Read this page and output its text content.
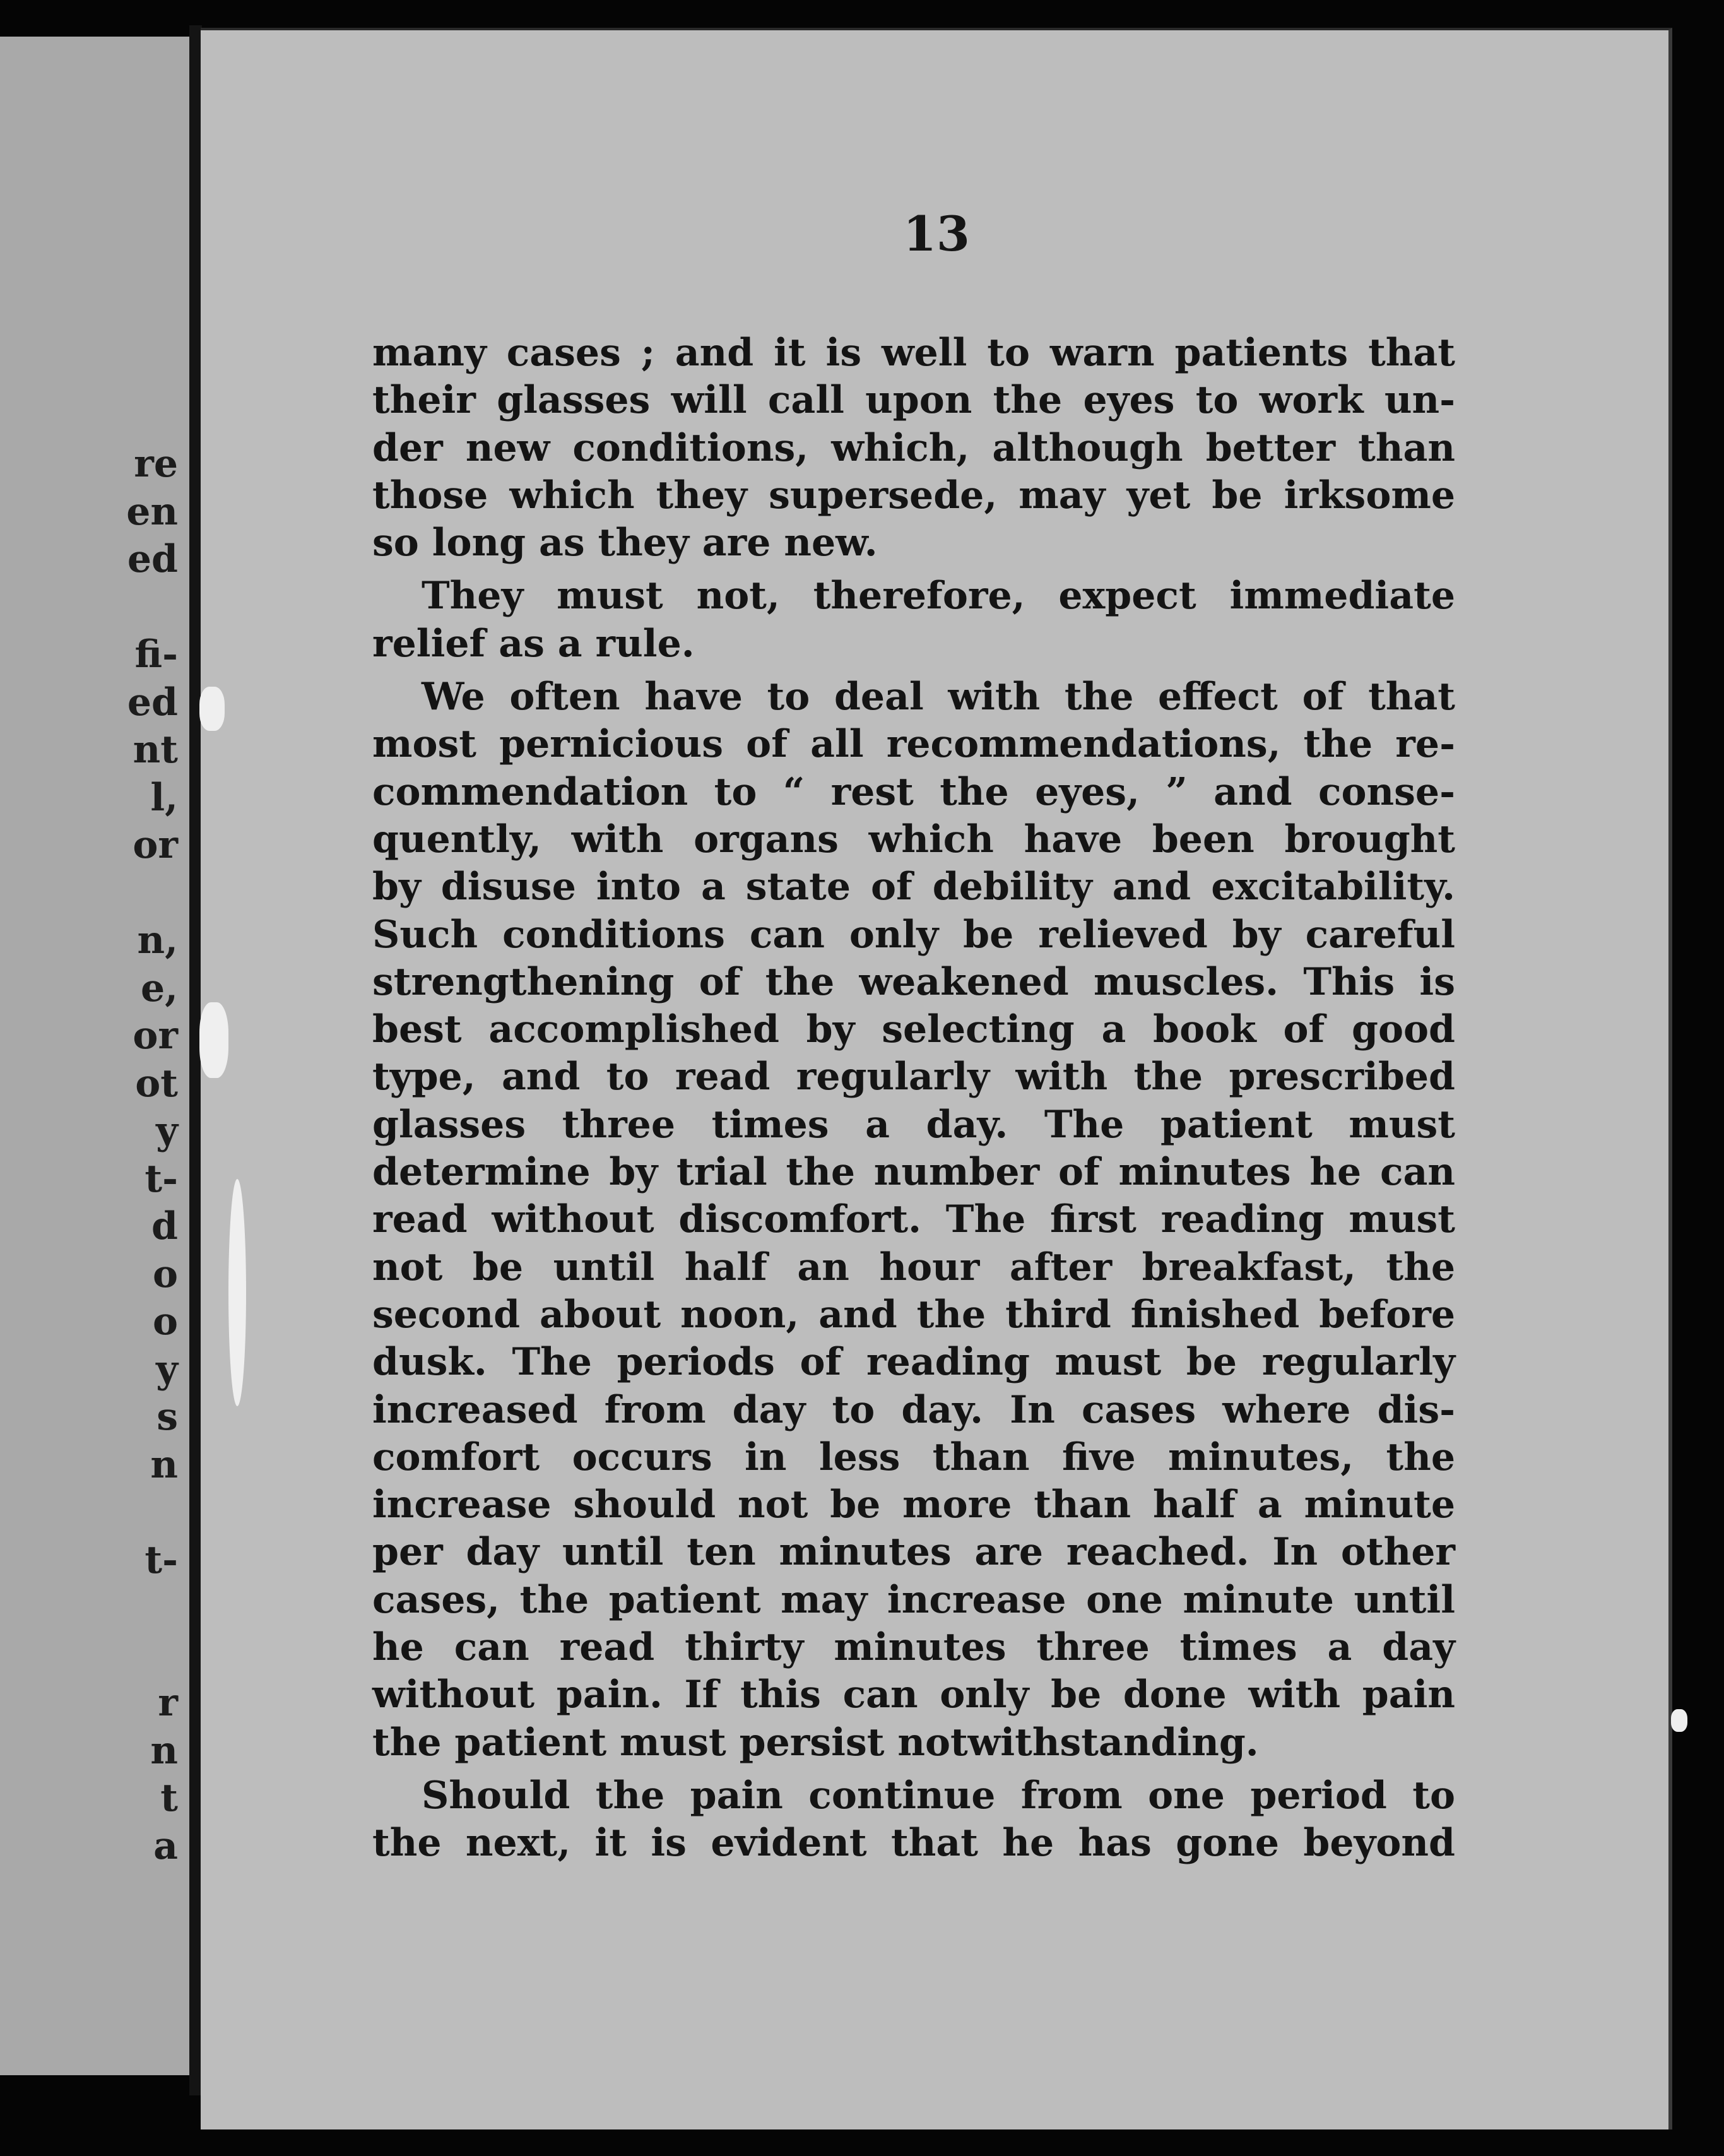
re
en
ed
fi-
ed
nt
l,
or
n,
e,
or
ot
y
t-
d
o
o
y
s
n
t-
r
n
t
a
13
many cases ; and it is well to warn patients that
their glasses will call upon the eyes to work un-
der new conditions, which, although better than
those which they supersede, may yet be irksome
so long as they are new.
They must not, therefore, expect immediate
relief as a rule.
We often have to deal with the effect of that
most pernicious of all recommendations, the re-
commendation to “ rest the eyes, ” and conse-
quently, with organs which have been brought
by disuse into a state of debility and excitability.
Such conditions can only be relieved by careful
strengthening of the weakened muscles. This is
best accomplished by selecting a book of good
type, and to read regularly with the prescribed
glasses three times a day. The patient must
determine by trial the number of minutes he can
read without discomfort. The first reading must
not be until half an hour after breakfast, the
second about noon, and the third finished before
dusk. The periods of reading must be regularly
increased from day to day. In cases where dis-
comfort occurs in less than five minutes, the
increase should not be more than half a minute
per day until ten minutes are reached. In other
cases, the patient may increase one minute until
he can read thirty minutes three times a day
without pain. If this can only be done with pain
the patient must persist notwithstanding.
Should the pain continue from one period to
the next, it is evident that he has gone beyond
